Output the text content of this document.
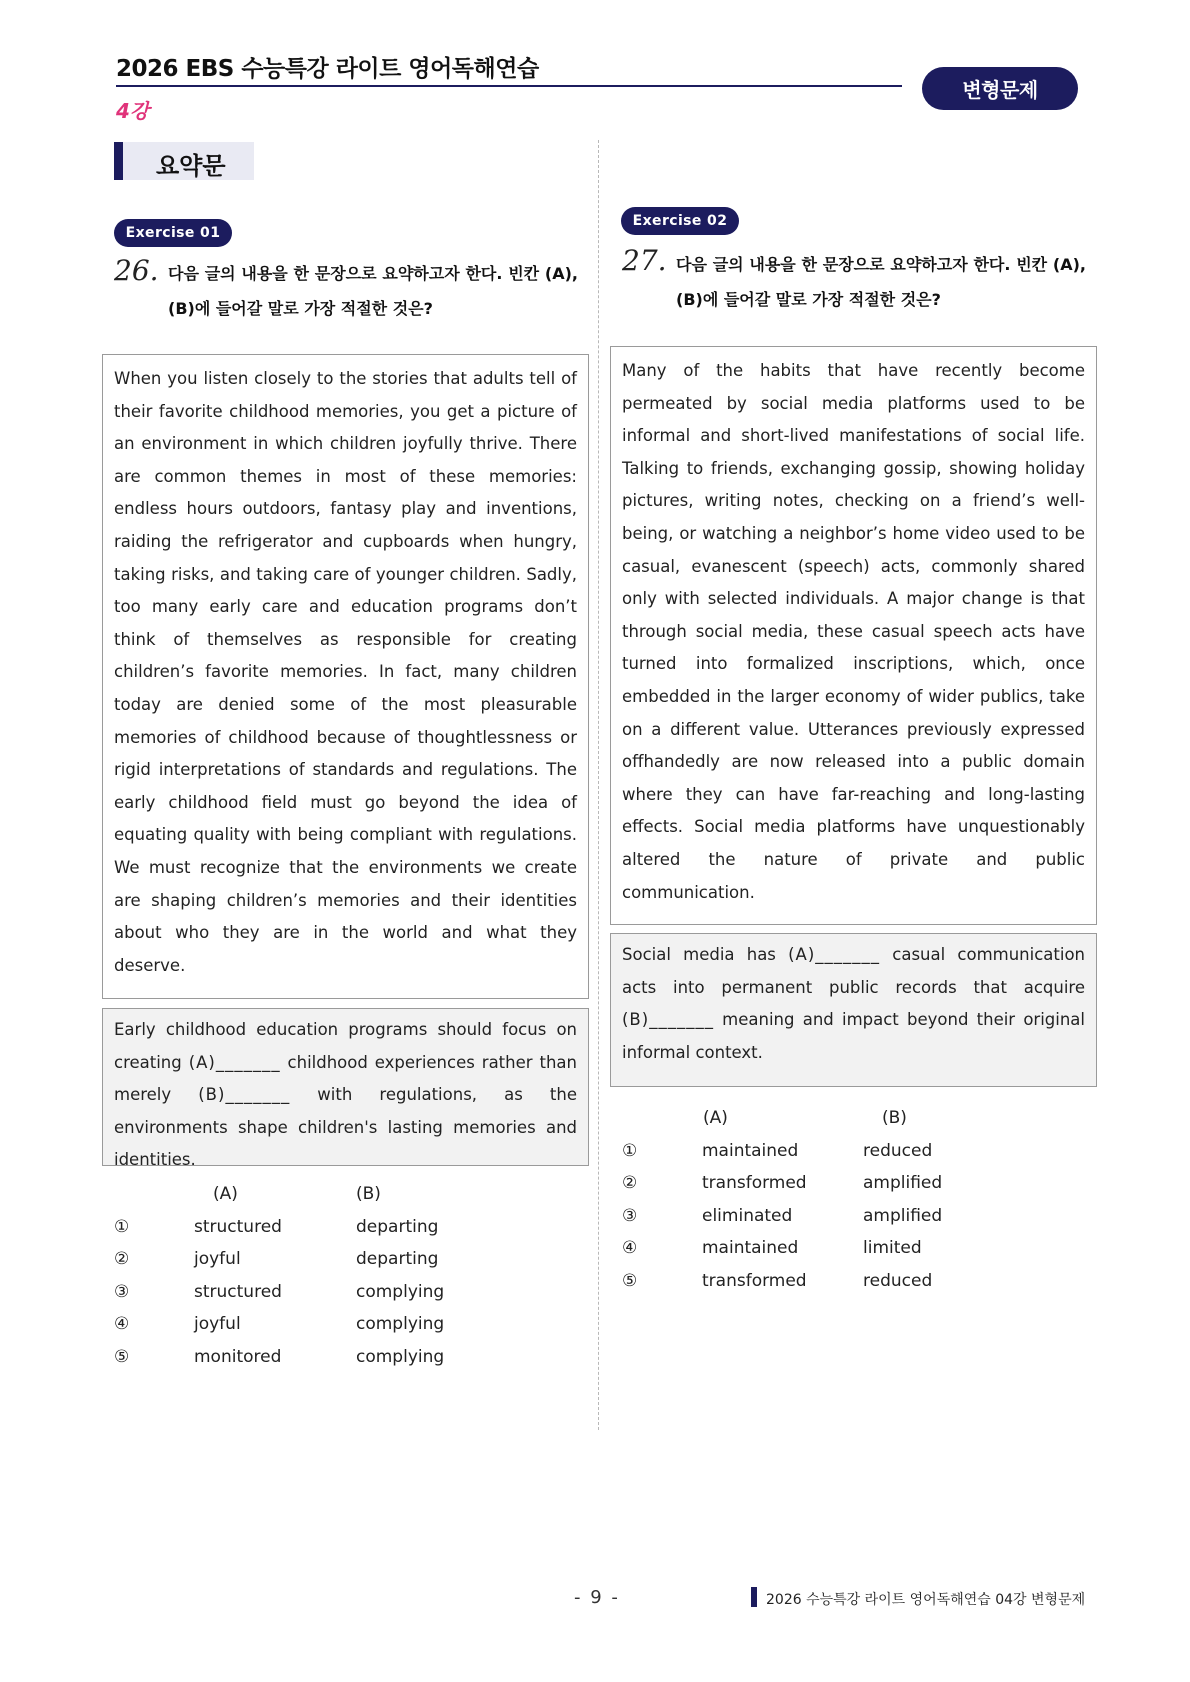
2026 EBS 수능특강 라이트 영어독해연습
4강
변형문제
요약문
Exercise 01
26. 다음 글의 내용을 한 문장으로 요약하고자 한다. 빈칸 (A),
(B)에 들어갈 말로 가장 적절한 것은?
When you listen closely to the stories that adults tell of their favorite childhood memories, you get a picture of an environment in which children joyfully thrive. There are common themes in most of these memories: endless hours outdoors, fantasy play and inventions, raiding the refrigerator and cupboards when hungry, taking risks, and taking care of younger children. Sadly, too many early care and education programs don’t think of themselves as responsible for creating children’s favorite memories. In fact, many children today are denied some of the most pleasurable memories of childhood because of thoughtlessness or rigid interpretations of standards and regulations. The early childhood field must go beyond the idea of equating quality with being compliant with regulations. We must recognize that the environments we create are shaping children’s memories and their identities about who they are in the world and what they deserve.
Early childhood education programs should focus on creating (A)_______ childhood experiences rather than merely (B)_______ with regulations, as the environments shape children's lasting memories and identities.
(A)	(B)
①	structured	departing
②	joyful	departing
③	structured	complying
④	joyful	complying
⑤	monitored	complying
Exercise 02
27. 다음 글의 내용을 한 문장으로 요약하고자 한다. 빈칸 (A),
(B)에 들어갈 말로 가장 적절한 것은?
Many of the habits that have recently become permeated by social media platforms used to be informal and short-lived manifestations of social life. Talking to friends, exchanging gossip, showing holiday pictures, writing notes, checking on a friend’s well-being, or watching a neighbor’s home video used to be casual, evanescent (speech) acts, commonly shared only with selected individuals. A major change is that through social media, these casual speech acts have turned into formalized inscriptions, which, once embedded in the larger economy of wider publics, take on a different value. Utterances previously expressed offhandedly are now released into a public domain where they can have far-reaching and long-lasting effects. Social media platforms have unquestionably altered the nature of private and public communication.
Social media has (A)_______ casual communication acts into permanent public records that acquire (B)_______ meaning and impact beyond their original informal context.
(A)	(B)
①	maintained	reduced
②	transformed	amplified
③	eliminated	amplified
④	maintained	limited
⑤	transformed	reduced
- 9 -	2026 수능특강 라이트 영어독해연습 04강 변형문제
